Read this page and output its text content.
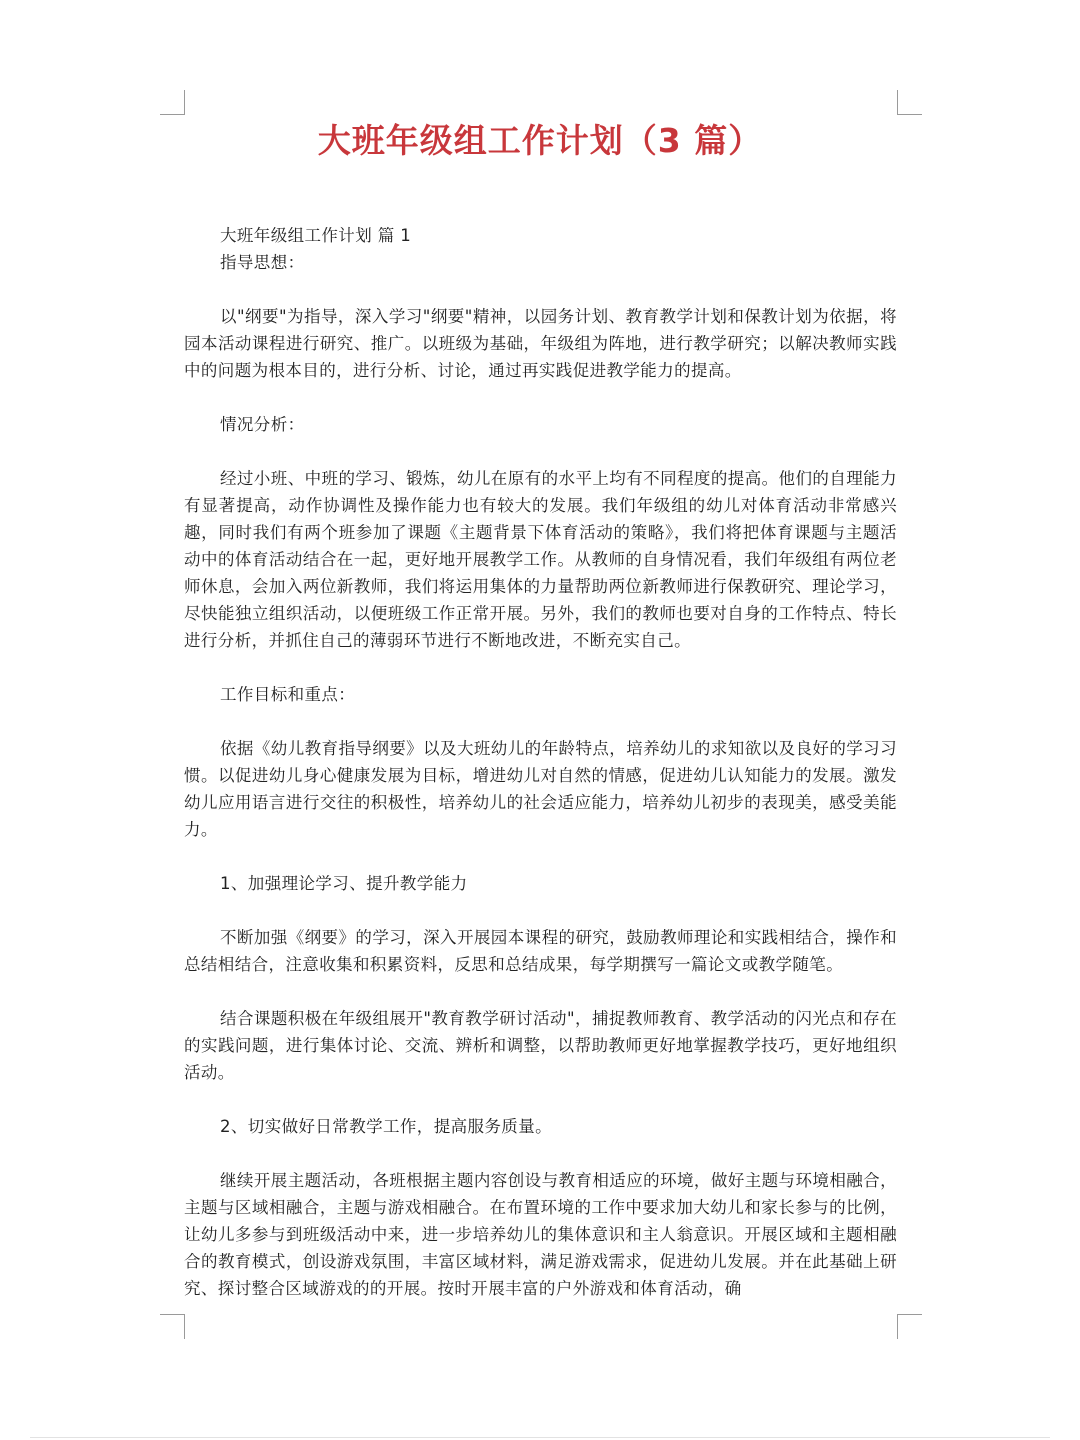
大班年级组工作计划（3 篇）

大班年级组工作计划 篇 1

指导思想：

以"纲要"为指导，深入学习"纲要"精神，以园务计划、教育教学计划和保教计划为依据，将园本活动课程进行研究、推广。以班级为基础，年级组为阵地，进行教学研究；以解决教师实践中的问题为根本目的，进行分析、讨论，通过再实践促进教学能力的提高。

情况分析：

经过小班、中班的学习、锻炼，幼儿在原有的水平上均有不同程度的提高。他们的自理能力有显著提高，动作协调性及操作能力也有较大的发展。我们年级组的幼儿对体育活动非常感兴趣，同时我们有两个班参加了课题《主题背景下体育活动的策略》，我们将把体育课题与主题活动中的体育活动结合在一起，更好地开展教学工作。从教师的自身情况看，我们年级组有两位老师休息，会加入两位新教师，我们将运用集体的力量帮助两位新教师进行保教研究、理论学习，尽快能独立组织活动，以便班级工作正常开展。另外，我们的教师也要对自身的工作特点、特长进行分析，并抓住自己的薄弱环节进行不断地改进，不断充实自己。

工作目标和重点：

依据《幼儿教育指导纲要》以及大班幼儿的年龄特点，培养幼儿的求知欲以及良好的学习习惯。以促进幼儿身心健康发展为目标，增进幼儿对自然的情感，促进幼儿认知能力的发展。激发幼儿应用语言进行交往的积极性，培养幼儿的社会适应能力，培养幼儿初步的表现美，感受美能力。

1、加强理论学习、提升教学能力

不断加强《纲要》的学习，深入开展园本课程的研究，鼓励教师理论和实践相结合，操作和总结相结合，注意收集和积累资料，反思和总结成果，每学期撰写一篇论文或教学随笔。

结合课题积极在年级组展开"教育教学研讨活动"，捕捉教师教育、教学活动的闪光点和存在的实践问题，进行集体讨论、交流、辨析和调整，以帮助教师更好地掌握教学技巧，更好地组织活动。

2、切实做好日常教学工作，提高服务质量。

继续开展主题活动，各班根据主题内容创设与教育相适应的环境，做好主题与环境相融合，主题与区域相融合，主题与游戏相融合。在布置环境的工作中要求加大幼儿和家长参与的比例，让幼儿多参与到班级活动中来，进一步培养幼儿的集体意识和主人翁意识。开展区域和主题相融合的教育模式，创设游戏氛围，丰富区域材料，满足游戏需求，促进幼儿发展。并在此基础上研究、探讨整合区域游戏的的开展。按时开展丰富的户外游戏和体育活动，确
